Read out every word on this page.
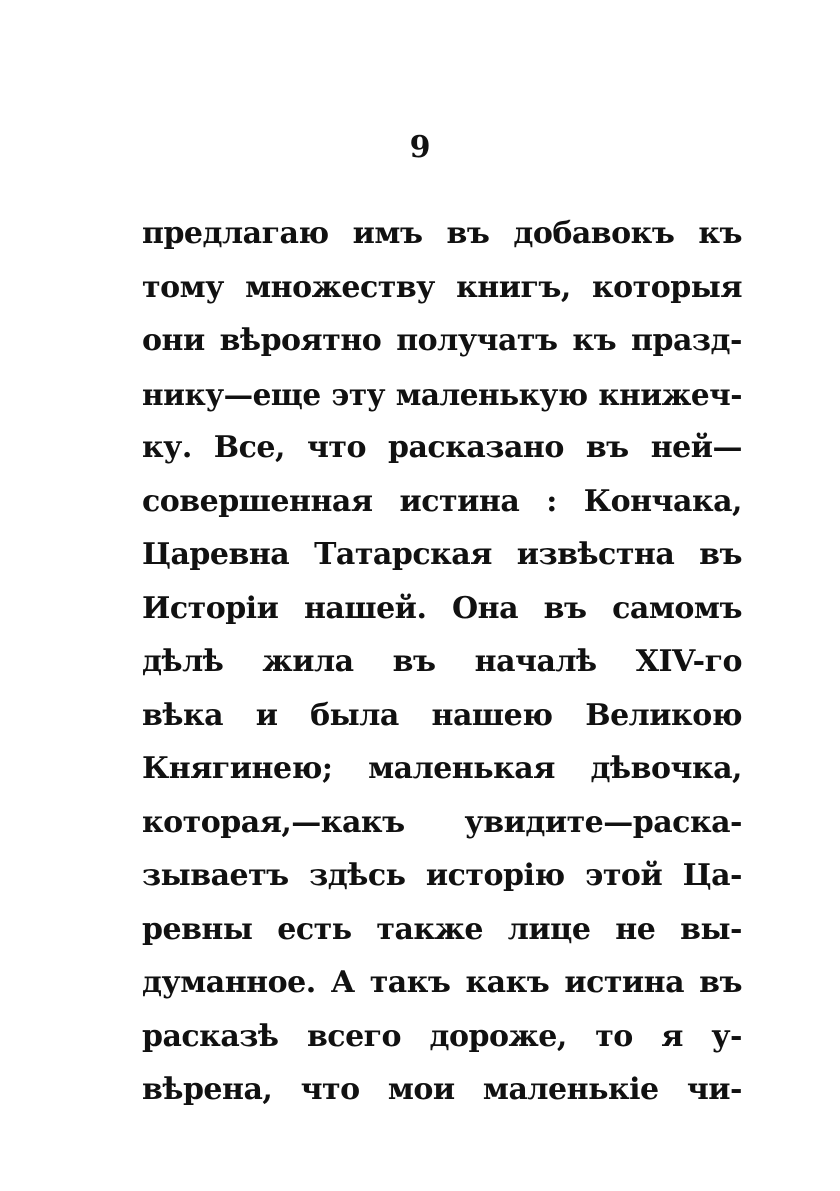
9
предлагаю имъ въ добавокъ къ
тому множеству книгъ, которыя
они вѣроятно получатъ къ празд-
нику—еще эту маленькую книжеч-
ку. Все, что расказано въ ней—
совершенная истина : Кончака,
Царевна Татарская извѣстна въ
Исторіи нашей. Она въ самомъ
дѣлѣ жила въ началѣ XIV-го
вѣка и была нашею Великою
Княгинею; маленькая дѣвочка,
которая,—какъ увидите—раска-
зываетъ здѣсь исторію этой Ца-
ревны есть также лице не вы-
думанное. А такъ какъ истина въ
расказѣ всего дороже, то я у-
вѣрена, что мои маленькіе чи-
